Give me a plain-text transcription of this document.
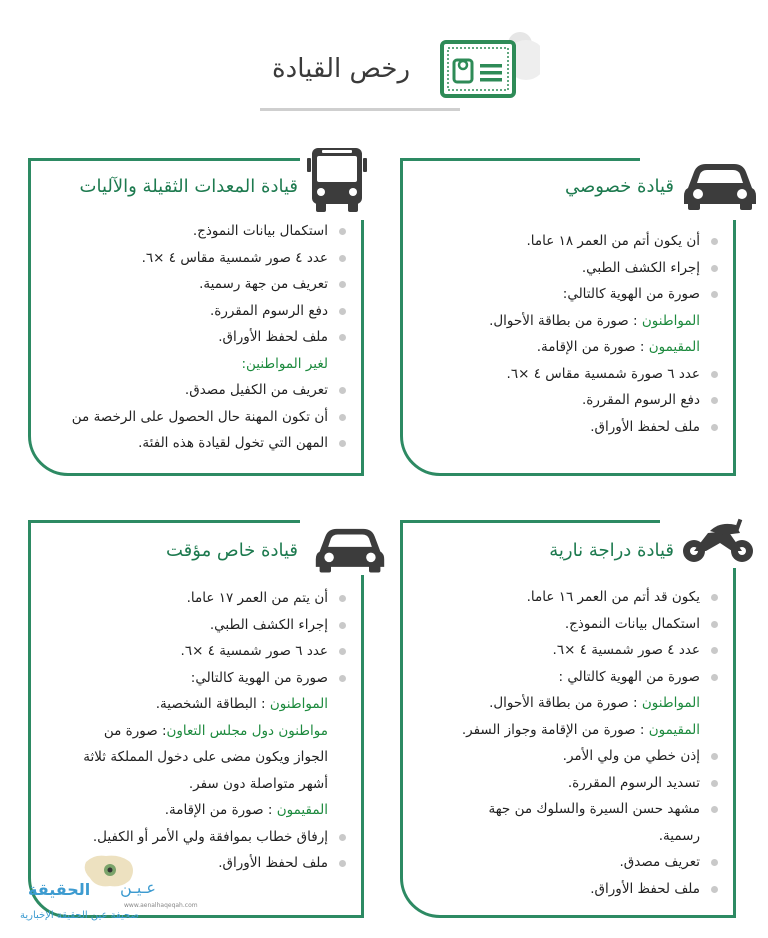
رخص القيادة
قيادة خصوصي
أن يكون أتم من العمر ١٨ عاما.
إجراء الكشف الطبي.
صورة من الهوية كالتالي:
المواطنون : صورة من بطاقة الأحوال.
المقيمون : صورة من الإقامة.
عدد ٦ صورة شمسية مقاس ٤ ×٦.
دفع الرسوم المقررة.
ملف لحفظ الأوراق.
قيادة المعدات الثقيلة والآليات
استكمال بيانات النموذج.
عدد ٤ صور شمسية مقاس ٤ ×٦.
تعريف من جهة رسمية.
دفع الرسوم المقررة.
ملف لحفظ الأوراق.
لغير المواطنين:
تعريف من الكفيل مصدق.
أن تكون المهنة حال الحصول على الرخصة من
المهن التي تخول لقيادة هذه الفئة.
قيادة دراجة نارية
يكون قد أتم من العمر ١٦ عاما.
استكمال بيانات النموذج.
عدد ٤ صور شمسية ٤ ×٦.
صورة من الهوية كالتالي :
المواطنون : صورة من بطاقة الأحوال.
المقيمون : صورة من الإقامة وجواز السفر.
إذن خطي من ولي الأمر.
تسديد الرسوم المقررة.
مشهد حسن السيرة والسلوك من جهة
رسمية.
تعريف مصدق.
ملف لحفظ الأوراق.
قيادة خاص مؤقت
أن يتم من العمر ١٧ عاما.
إجراء الكشف الطبي.
عدد ٦ صور شمسية ٤ ×٦.
صورة من الهوية كالتالي:
المواطنون : البطاقة الشخصية.
مواطنون دول مجلس التعاون: صورة من
الجواز ويكون مضى على دخول المملكة ثلاثة
أشهر متواصلة دون سفر.
المقيمون : صورة من الإقامة.
إرفاق خطاب بموافقة ولي الأمر أو الكفيل.
ملف لحفظ الأوراق.
عـيـن
الحقيقة
www.aenalhaqeqah.com
صحيفة عين الحقيقة الإخبارية
